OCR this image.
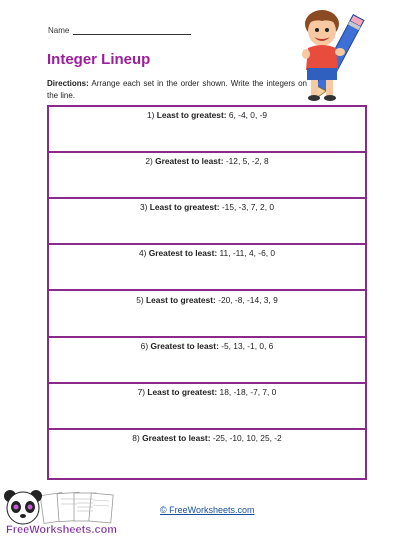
Name
Integer Lineup
Directions: Arrange each set in the order shown. Write the integers on the line.
1) Least to greatest: 6, -4, 0, -9
2) Greatest to least: -12, 5, -2, 8
3) Least to greatest: -15, -3, 7, 2, 0
4) Greatest to least: 11, -11, 4, -6, 0
5) Least to greatest: -20, -8, -14, 3, 9
6) Greatest to least: -5, 13, -1, 0, 6
7) Least to greatest: 18, -18, -7, 7, 0
8) Greatest to least: -25, -10, 10, 25, -2
FreeWorksheets.com
© FreeWorksheets.com
